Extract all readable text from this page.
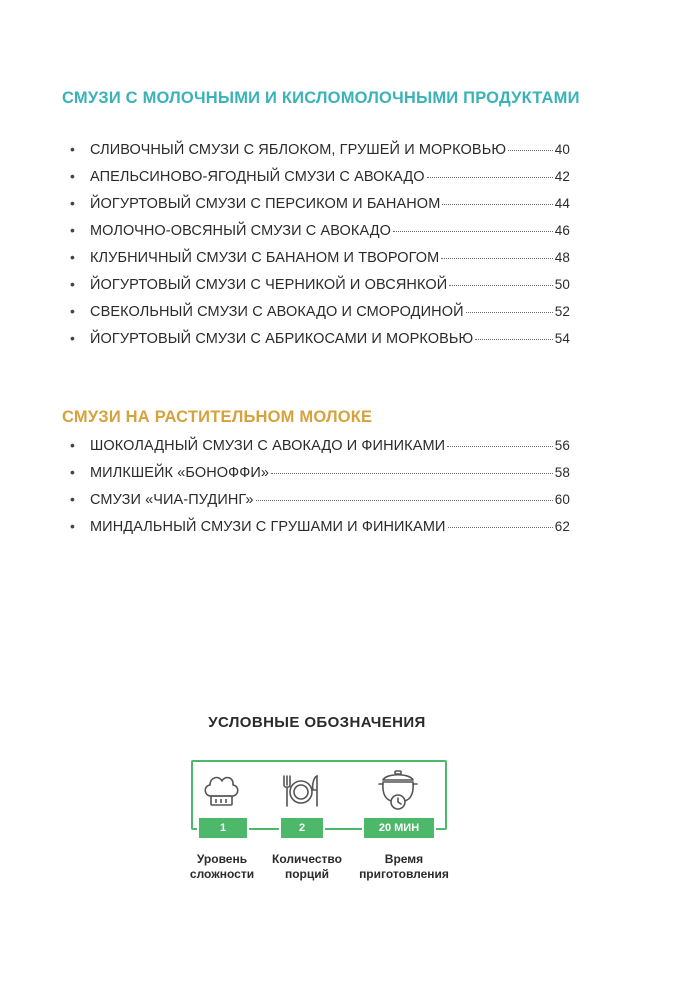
СМУЗИ С МОЛОЧНЫМИ И КИСЛОМОЛОЧНЫМИ ПРОДУКТАМИ
•	СЛИВОЧНЫЙ СМУЗИ С ЯБЛОКОМ, ГРУШЕЙ И МОРКОВЬЮ	40
•	АПЕЛЬСИНОВО-ЯГОДНЫЙ СМУЗИ С АВОКАДО	42
•	ЙОГУРТОВЫЙ СМУЗИ С ПЕРСИКОМ И БАНАНОМ	44
•	МОЛОЧНО-ОВСЯНЫЙ СМУЗИ С АВОКАДО	46
•	КЛУБНИЧНЫЙ СМУЗИ С БАНАНОМ И ТВОРОГОМ	48
•	ЙОГУРТОВЫЙ СМУЗИ С ЧЕРНИКОЙ И ОВСЯНКОЙ	50
•	СВЕКОЛЬНЫЙ СМУЗИ С АВОКАДО И СМОРОДИНОЙ	52
•	ЙОГУРТОВЫЙ СМУЗИ С АБРИКОСАМИ И МОРКОВЬЮ	54
СМУЗИ НА РАСТИТЕЛЬНОМ МОЛОКЕ
•	ШОКОЛАДНЫЙ СМУЗИ С АВОКАДО И ФИНИКАМИ	56
•	МИЛКШЕЙК «БОНОФФИ»	58
•	СМУЗИ «ЧИА-ПУДИНГ»	60
•	МИНДАЛЬНЫЙ СМУЗИ С ГРУШАМИ И ФИНИКАМИ	62
УСЛОВНЫЕ ОБОЗНАЧЕНИЯ
1	2	20 МИН
Уровень
сложности
Количество
порций
Время
приготовления
